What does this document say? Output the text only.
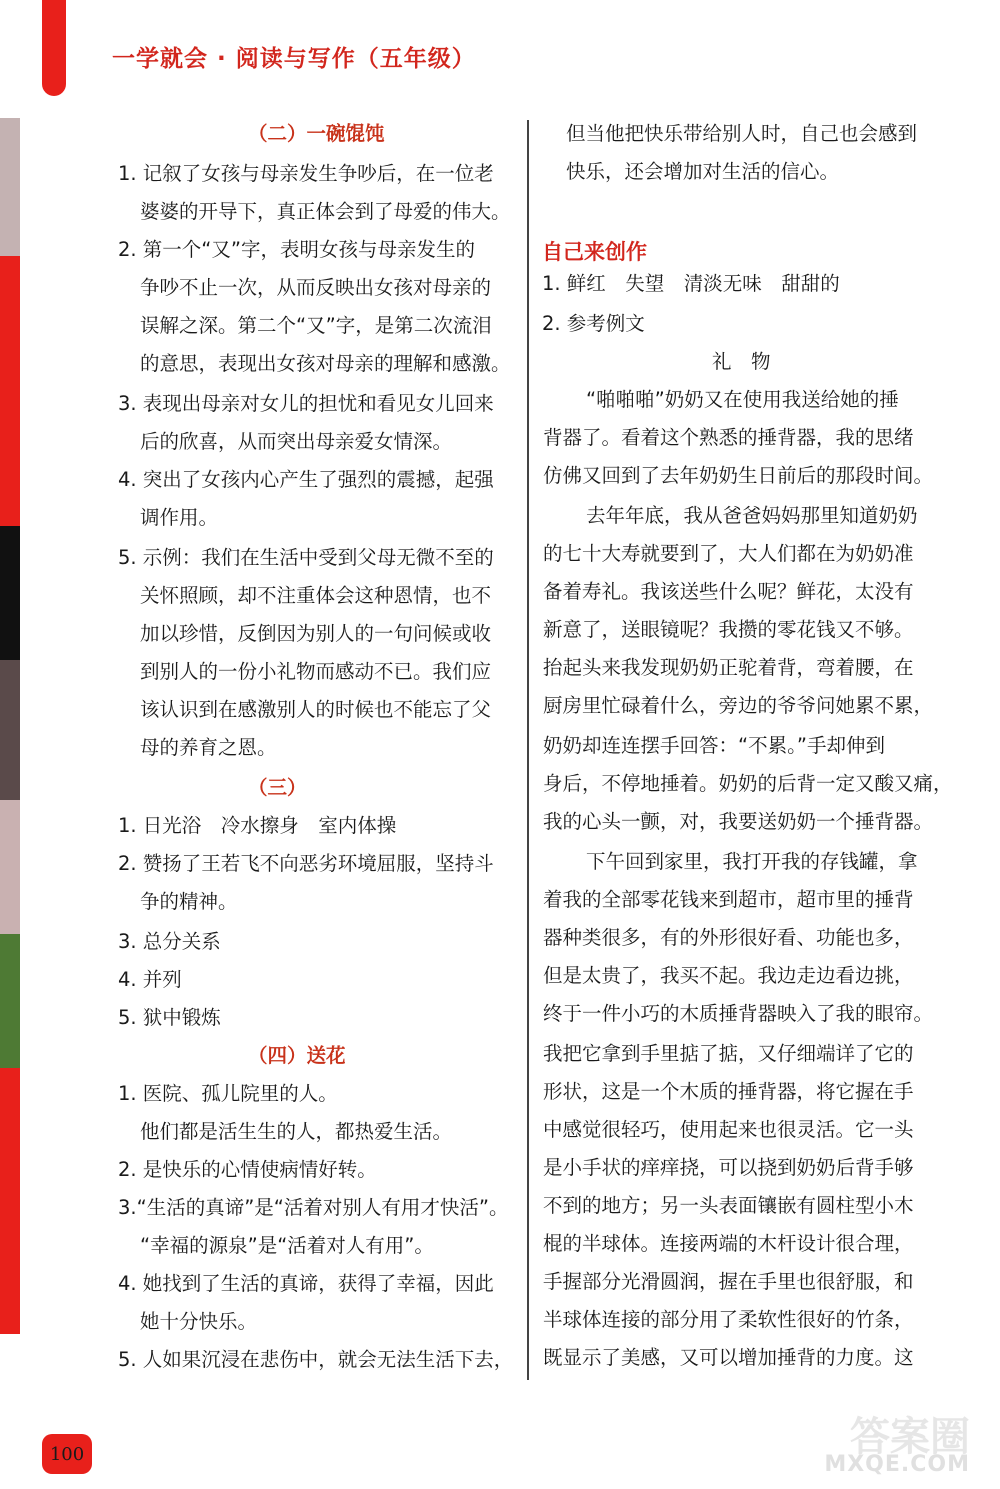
一学就会 · 阅读与写作（五年级）
（二）一碗馄饨
1. 记叙了女孩与母亲发生争吵后，在一位老
婆婆的开导下，真正体会到了母爱的伟大。
2. 第一个“又”字，表明女孩与母亲发生的
争吵不止一次，从而反映出女孩对母亲的
误解之深。第二个“又”字，是第二次流泪
的意思，表现出女孩对母亲的理解和感激。
3. 表现出母亲对女儿的担忧和看见女儿回来
后的欣喜，从而突出母亲爱女情深。
4. 突出了女孩内心产生了强烈的震撼，起强
调作用。
5. 示例：我们在生活中受到父母无微不至的
关怀照顾，却不注重体会这种恩情，也不
加以珍惜，反倒因为别人的一句问候或收
到别人的一份小礼物而感动不已。我们应
该认识到在感激别人的时候也不能忘了父
母的养育之恩。
（三）
1. 日光浴　冷水擦身　室内体操
2. 赞扬了王若飞不向恶劣环境屈服，坚持斗
争的精神。
3. 总分关系
4. 并列
5. 狱中锻炼
（四）送花
1. 医院、孤儿院里的人。
他们都是活生生的人，都热爱生活。
2. 是快乐的心情使病情好转。
3.“生活的真谛”是“活着对别人有用才快活”。
“幸福的源泉”是“活着对人有用”。
4. 她找到了生活的真谛，获得了幸福，因此
她十分快乐。
5. 人如果沉浸在悲伤中，就会无法生活下去，
但当他把快乐带给别人时，自己也会感到
快乐，还会增加对生活的信心。
自己来创作
1. 鲜红　失望　清淡无味　甜甜的
2. 参考例文
礼　物
“啪啪啪”奶奶又在使用我送给她的捶
背器了。看着这个熟悉的捶背器，我的思绪
仿佛又回到了去年奶奶生日前后的那段时间。
去年年底，我从爸爸妈妈那里知道奶奶
的七十大寿就要到了，大人们都在为奶奶准
备着寿礼。我该送些什么呢？鲜花，太没有
新意了，送眼镜呢？我攒的零花钱又不够。
抬起头来我发现奶奶正驼着背，弯着腰，在
厨房里忙碌着什么，旁边的爷爷问她累不累，
奶奶却连连摆手回答：“不累。”手却伸到
身后，不停地捶着。奶奶的后背一定又酸又痛，
我的心头一颤，对，我要送奶奶一个捶背器。
下午回到家里，我打开我的存钱罐，拿
着我的全部零花钱来到超市，超市里的捶背
器种类很多，有的外形很好看、功能也多，
但是太贵了，我买不起。我边走边看边挑，
终于一件小巧的木质捶背器映入了我的眼帘。
我把它拿到手里掂了掂，又仔细端详了它的
形状，这是一个木质的捶背器，将它握在手
中感觉很轻巧，使用起来也很灵活。它一头
是小手状的痒痒挠，可以挠到奶奶后背手够
不到的地方；另一头表面镶嵌有圆柱型小木
棍的半球体。连接两端的木杆设计很合理，
手握部分光滑圆润，握在手里也很舒服，和
半球体连接的部分用了柔软性很好的竹条，
既显示了美感，又可以增加捶背的力度。这
100	答案圈
MXQE.COM
